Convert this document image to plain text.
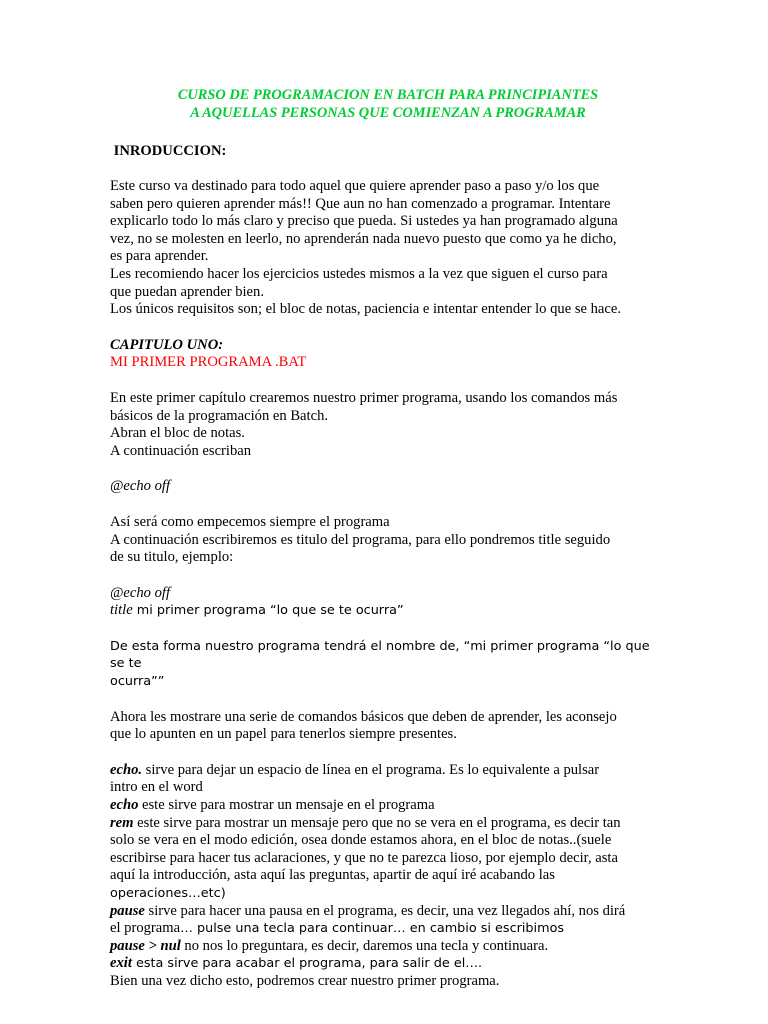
CURSO DE PROGRAMACION EN BATCH PARA PRINCIPIANTES
A AQUELLAS PERSONAS QUE COMIENZAN A PROGRAMAR
INRODUCCION:

Este curso va destinado para todo aquel que quiere aprender paso a paso y/o los que

saben pero quieren aprender más!! Que aun no han comenzado a programar. Intentare

explicarlo todo lo más claro y preciso que pueda. Si ustedes ya han programado alguna

vez, no se molesten en leerlo, no aprenderán nada nuevo puesto que como ya he dicho,

es para aprender.

Les recomiendo hacer los ejercicios ustedes mismos a la vez que siguen el curso para

que puedan aprender bien.

Los únicos requisitos son; el bloc de notas, paciencia e intentar entender lo que se hace.

CAPITULO UNO:
MI PRIMER PROGRAMA .BAT

En este primer capítulo crearemos nuestro primer programa, usando los comandos más

básicos de la programación en Batch.

Abran el bloc de notas.

A continuación escriban

@echo off

Así será como empecemos siempre el programa

A continuación escribiremos es titulo del programa, para ello pondremos title seguido

de su titulo, ejemplo:

@echo off

title mi primer programa “lo que se te ocurra”

De esta forma nuestro programa tendrá el nombre de, “mi primer programa “lo que se te

ocurra””

Ahora les mostrare una serie de comandos básicos que deben de aprender, les aconsejo

que lo apunten en un papel para tenerlos siempre presentes.

echo. sirve para dejar un espacio de línea en el programa. Es lo equivalente a pulsar

intro en el word

echo este sirve para mostrar un mensaje en el programa

rem este sirve para mostrar un mensaje pero que no se vera en el programa, es decir tan

solo se vera en el modo edición, osea donde estamos ahora, en el bloc de notas..(suele

escribirse para hacer tus aclaraciones, y que no te parezca lioso, por ejemplo decir, asta

aquí la introducción, asta aquí las preguntas, apartir de aquí iré acabando las

operaciones…etc)

pause sirve para hacer una pausa en el programa, es decir, una vez llegados ahí, nos dirá

el programa… pulse una tecla para continuar… en cambio si escribimos

pause > nul no nos lo preguntara, es decir, daremos una tecla y continuara.

exit esta sirve para acabar el programa, para salir de el….

Bien una vez dicho esto, podremos crear nuestro primer programa.
